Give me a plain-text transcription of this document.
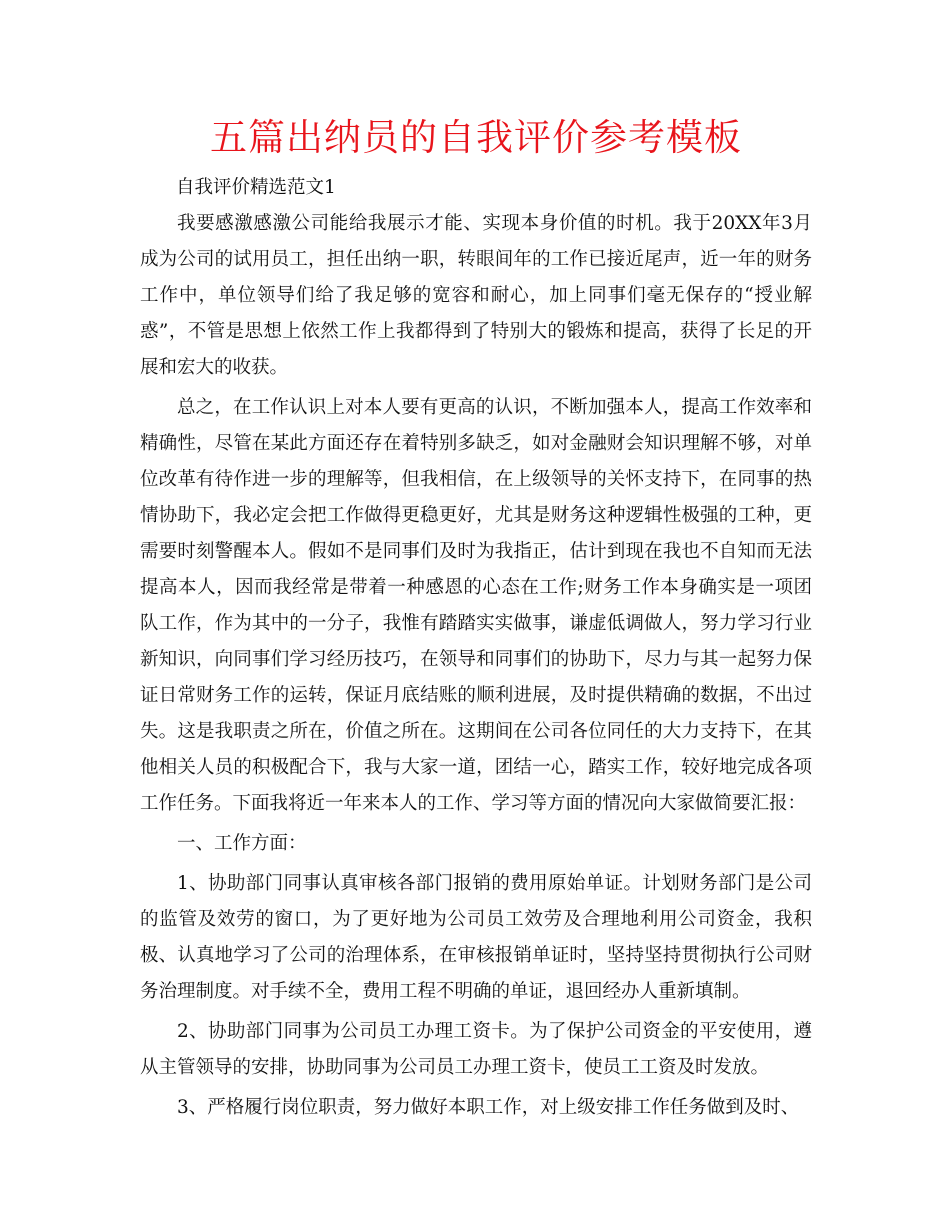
五篇出纳员的自我评价参考模板

自我评价精选范文1

我要感激感激公司能给我展示才能、实现本身价值的时机。我于20XX年3月成为公司的试用员工，担任出纳一职，转眼间年的工作已接近尾声，近一年的财务工作中，单位领导们给了我足够的宽容和耐心，加上同事们毫无保存的“授业解惑”，不管是思想上依然工作上我都得到了特别大的锻炼和提高，获得了长足的开展和宏大的收获。

总之，在工作认识上对本人要有更高的认识，不断加强本人，提高工作效率和精确性，尽管在某此方面还存在着特别多缺乏，如对金融财会知识理解不够，对单位改革有待作进一步的理解等，但我相信，在上级领导的关怀支持下，在同事的热情协助下，我必定会把工作做得更稳更好，尤其是财务这种逻辑性极强的工种，更需要时刻警醒本人。假如不是同事们及时为我指正，估计到现在我也不自知而无法提高本人，因而我经常是带着一种感恩的心态在工作;财务工作本身确实是一项团队工作，作为其中的一分子，我惟有踏踏实实做事，谦虚低调做人，努力学习行业新知识，向同事们学习经历技巧，在领导和同事们的协助下，尽力与其一起努力保证日常财务工作的运转，保证月底结账的顺利进展，及时提供精确的数据，不出过失。这是我职责之所在，价值之所在。这期间在公司各位同任的大力支持下，在其他相关人员的积极配合下，我与大家一道，团结一心，踏实工作，较好地完成各项工作任务。下面我将近一年来本人的工作、学习等方面的情况向大家做简要汇报：

一、工作方面：

1、协助部门同事认真审核各部门报销的费用原始单证。计划财务部门是公司的监管及效劳的窗口，为了更好地为公司员工效劳及合理地利用公司资金，我积极、认真地学习了公司的治理体系，在审核报销单证时，坚持坚持贯彻执行公司财务治理制度。对手续不全，费用工程不明确的单证，退回经办人重新填制。

2、协助部门同事为公司员工办理工资卡。为了保护公司资金的平安使用，遵从主管领导的安排，协助同事为公司员工办理工资卡，使员工工资及时发放。

3、严格履行岗位职责，努力做好本职工作，对上级安排工作任务做到及时、
